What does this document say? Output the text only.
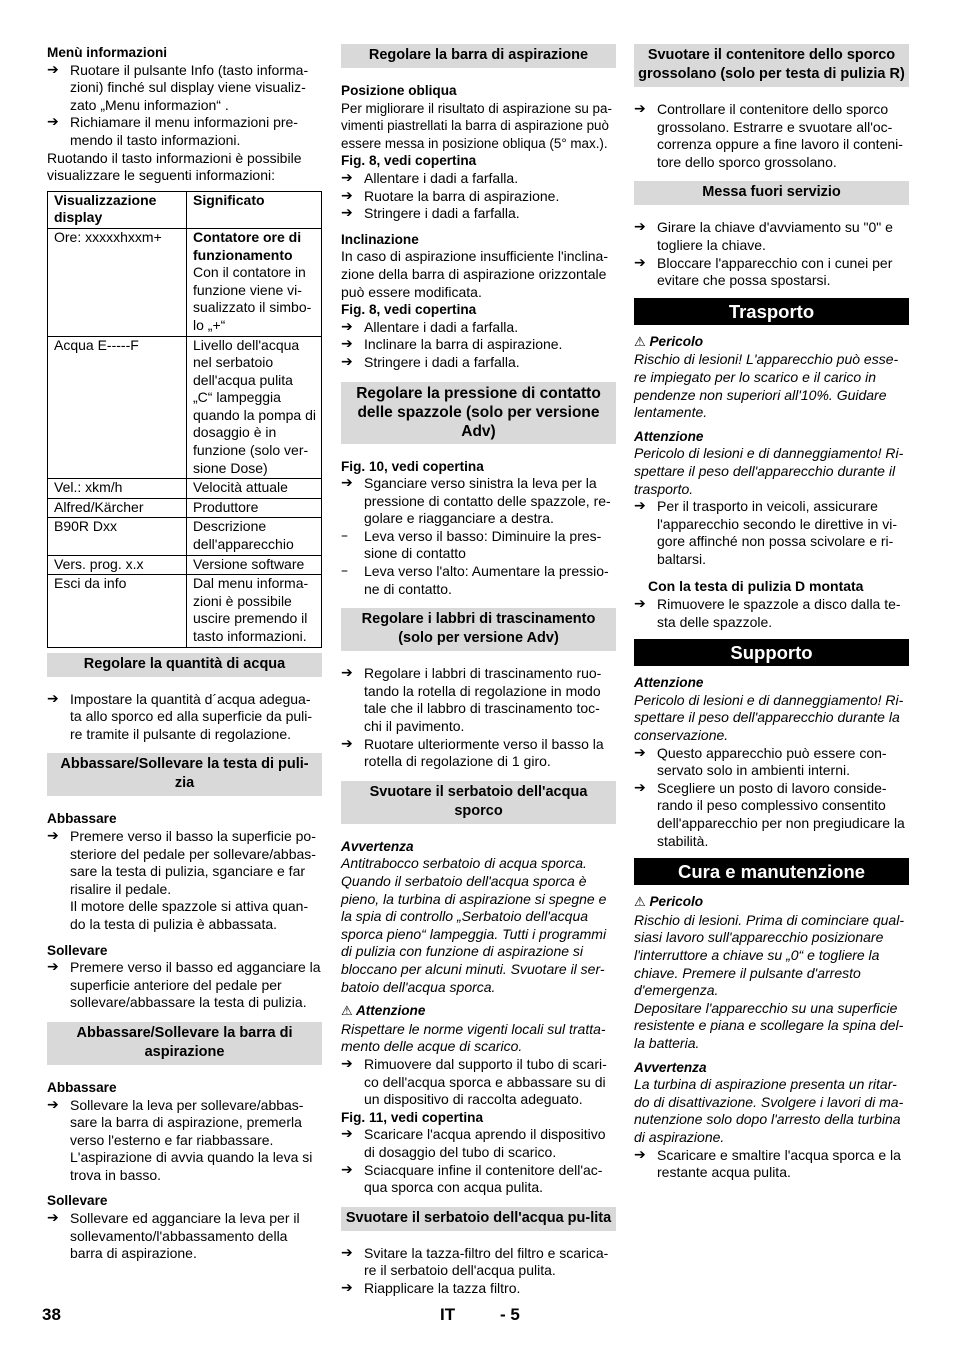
Menù informazioni
➔ Ruotare il pulsante Info (tasto informa-zioni) finché sul display viene visualiz-zato „Menu informazion“ .
➔ Richiamare il menu informazioni pre-mendo il tasto informazioni.

Ruotando il tasto informazioni è possibile visualizzare le seguenti informazioni:

Visualizzazione display	Significato
Ore: xxxxxhxxm+	Contatore ore di funzionamento
Con il contatore in funzione viene vi-sualizzato il simbo-lo „+“

Acqua E-----F	Livello dell'acqua nel serbatoio dell'acqua pulita „C“ lampeggia quando la pompa di dosaggio è in funzione (solo ver-sione Dose)
Vel.: xkm/h	Velocità attuale
Alfred/Kärcher	Produttore
B90R Dxx	Descrizione dell'apparecchio
Vers. prog. x.x	Versione software
Esci da info	Dal menu informa-zioni è possibile uscire premendo il tasto informazioni.
Regolare la quantità di acqua
➔ Impostare la quantità d´acqua adegua-ta allo sporco ed alla superficie da puli-re tramite il pulsante di regolazione.
Abbassare/Sollevare la testa di puli-zia
Abbassare
➔ Premere verso il basso la superficie po-steriore del pedale per sollevare/abbas-sare la testa di pulizia, sganciare e far risalire il pedale.
Il motore delle spazzole si attiva quan-do la testa di pulizia è abbassata.
Sollevare
➔ Premere verso il basso ed agganciare la superficie anteriore del pedale per sollevare/abbassare la testa di pulizia.
Abbassare/Sollevare la barra di aspirazione
Abbassare
➔ Sollevare la leva per sollevare/abbas-sare la barra di aspirazione, premerla verso l'esterno e far riabbassare.
L'aspirazione di avvia quando la leva si trova in basso.
Sollevare
➔ Sollevare ed agganciare la leva per il sollevamento/l'abbassamento della barra di aspirazione.
Regolare la barra di aspirazione
Posizione obliqua

Per migliorare il risultato di aspirazione su pa-vimenti piastrellati la barra di aspirazione può essere messa in posizione obliqua (5° max.).

Fig. 8, vedi copertina
➔ Allentare i dadi a farfalla.
➔ Ruotare la barra di aspirazione.
➔ Stringere i dadi a farfalla.
Inclinazione

In caso di aspirazione insufficiente l'inclina-zione della barra di aspirazione orizzontale può essere modificata.

Fig. 8, vedi copertina
➔ Allentare i dadi a farfalla.
➔ Inclinare la barra di aspirazione.
➔ Stringere i dadi a farfalla.
Regolare la pressione di contatto delle spazzole (solo per versione Adv)
Fig. 10, vedi copertina
➔ Sganciare verso sinistra la leva per la pressione di contatto delle spazzole, re-golare e riagganciare a destra.
– Leva verso il basso: Diminuire la pres-sione di contatto
– Leva verso l'alto: Aumentare la pressio-ne di contatto.
Regolare i labbri di trascinamento (solo per versione Adv)
➔ Regolare i labbri di trascinamento ruo-tando la rotella di regolazione in modo tale che il labbro di trascinamento toc-chi il pavimento.
➔ Ruotare ulteriormente verso il basso la rotella di regolazione di 1 giro.
Svuotare il serbatoio dell'acqua sporco
Avvertenza

Antitrabocco serbatoio di acqua sporca. Quando il serbatoio dell'acqua sporca è pieno, la turbina di aspirazione si spegne e la spia di controllo „Serbatoio dell'acqua sporca pieno“ lampeggia. Tutti i programmi di pulizia con funzione di aspirazione si bloccano per alcuni minuti. Svuotare il ser-batoio dell'acqua sporca.

⚠ Attenzione

Rispettare le norme vigenti locali sul tratta-mento delle acque di scarico.

➔ Rimuovere dal supporto il tubo di scari-co dell'acqua sporca e abbassare su di un dispositivo di raccolta adeguato.
Fig. 11, vedi copertina
➔ Scaricare l'acqua aprendo il dispositivo di dosaggio del tubo di scarico.
➔ Sciacquare infine il contenitore dell'ac-qua sporca con acqua pulita.
Svuotare il serbatoio dell'acqua pu-lita
➔ Svitare la tazza-filtro del filtro e scarica-re il serbatoio dell'acqua pulita.
➔ Riapplicare la tazza filtro.
Svuotare il contenitore dello sporco grossolano (solo per testa di pulizia R)
➔ Controllare il contenitore dello sporco grossolano. Estrarre e svuotare all'oc-correnza oppure a fine lavoro il conteni-tore dello sporco grossolano.
Messa fuori servizio
➔ Girare la chiave d'avviamento su "0" e togliere la chiave.
➔ Bloccare l'apparecchio con i cunei per evitare che possa spostarsi.
Trasporto
⚠ Pericolo

Rischio di lesioni! L'apparecchio può esse-re impiegato per lo scarico e il carico in pendenze non superiori all'10%. Guidare lentamente.

Attenzione

Pericolo di lesioni e di danneggiamento! Ri-spettare il peso dell'apparecchio durante il trasporto.

➔ Per il trasporto in veicoli, assicurare l'apparecchio secondo le direttive in vi-gore affinché non possa scivolare e ri-baltarsi.
Con la testa di pulizia D montata
➔ Rimuovere le spazzole a disco dalla te-sta delle spazzole.
Supporto
Attenzione

Pericolo di lesioni e di danneggiamento! Ri-spettare il peso dell'apparecchio durante la conservazione.

➔ Questo apparecchio può essere con-servato solo in ambienti interni.
➔ Scegliere un posto di lavoro conside-rando il peso complessivo consentito dell'apparecchio per non pregiudicare la stabilità.
Cura e manutenzione
⚠ Pericolo

Rischio di lesioni. Prima di cominciare qual-siasi lavoro sull'apparecchio posizionare l'interruttore a chiave su „0“ e togliere la chiave. Premere il pulsante d'arresto d'emergenza.

Depositare l'apparecchio su una superficie resistente e piana e scollegare la spina del-la batteria.

Avvertenza

La turbina di aspirazione presenta un ritar-do di disattivazione. Svolgere i lavori di ma-nutenzione solo dopo l'arresto della turbina di aspirazione.

➔ Scaricare e smaltire l'acqua sporca e la restante acqua pulita.
38	IT	- 5
